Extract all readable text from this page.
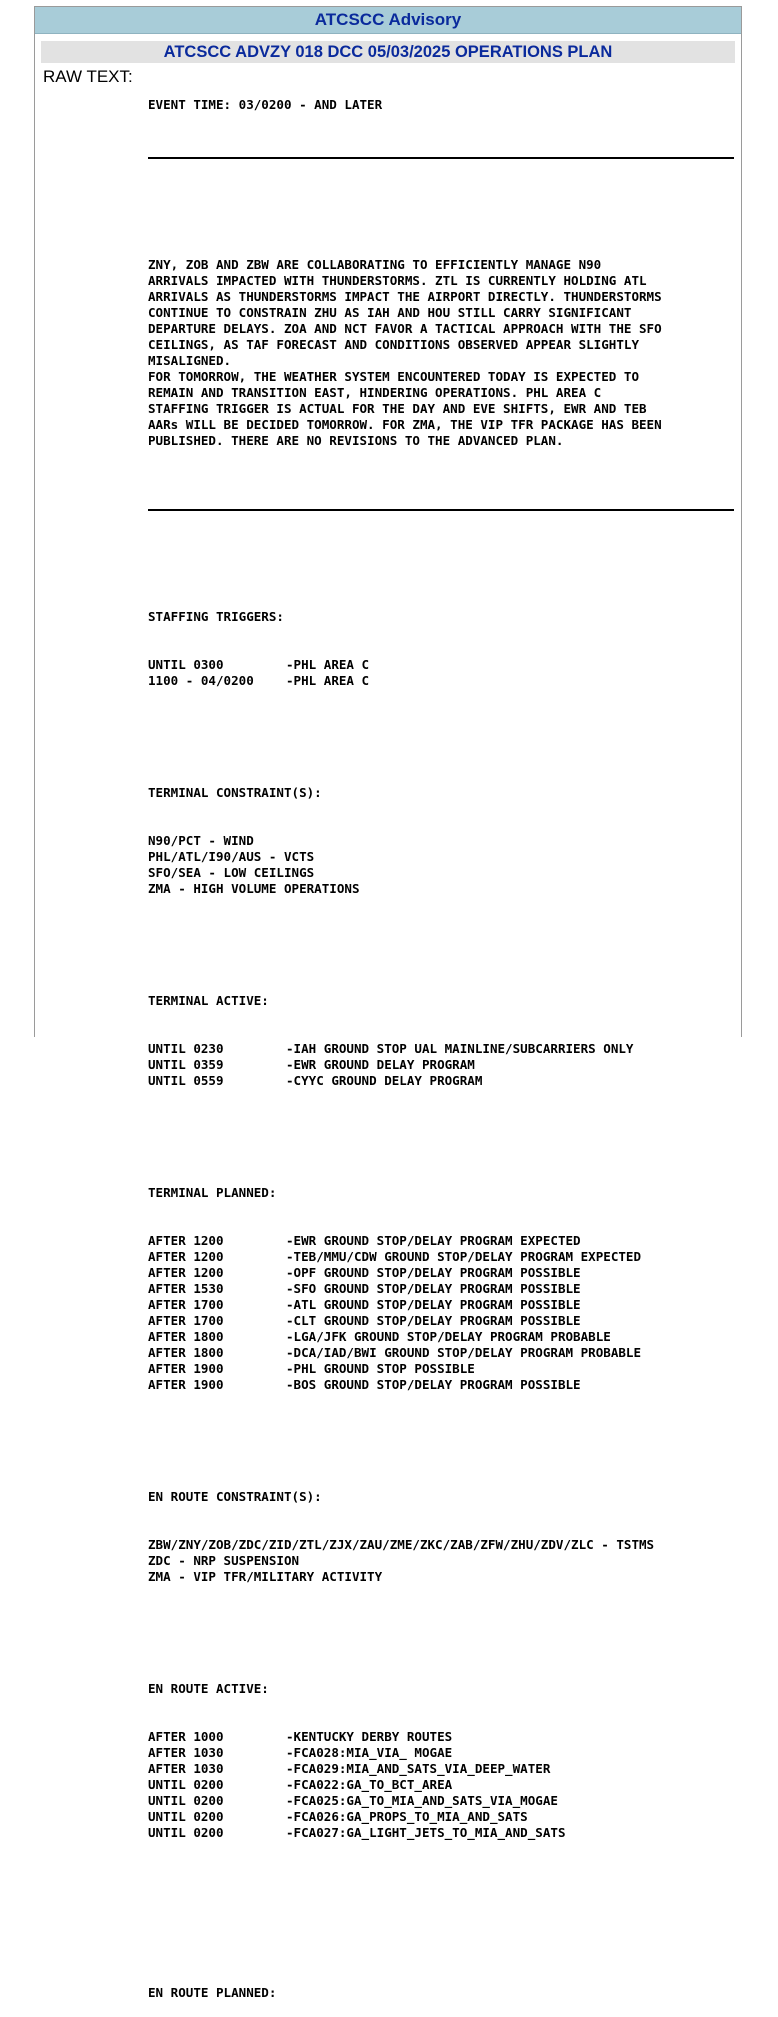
ATCSCC Advisory
ATCSCC ADVZY 018 DCC 05/03/2025 OPERATIONS PLAN
RAW TEXT:

EVENT TIME: 03/0200 - AND LATER

ZNY, ZOB AND ZBW ARE COLLABORATING TO EFFICIENTLY MANAGE N90
ARRIVALS IMPACTED WITH THUNDERSTORMS. ZTL IS CURRENTLY HOLDING ATL
ARRIVALS AS THUNDERSTORMS IMPACT THE AIRPORT DIRECTLY. THUNDERSTORMS
CONTINUE TO CONSTRAIN ZHU AS IAH AND HOU STILL CARRY SIGNIFICANT
DEPARTURE DELAYS. ZOA AND NCT FAVOR A TACTICAL APPROACH WITH THE SFO
CEILINGS, AS TAF FORECAST AND CONDITIONS OBSERVED APPEAR SLIGHTLY
MISALIGNED.
FOR TOMORROW, THE WEATHER SYSTEM ENCOUNTERED TODAY IS EXPECTED TO
REMAIN AND TRANSITION EAST, HINDERING OPERATIONS. PHL AREA C
STAFFING TRIGGER IS ACTUAL FOR THE DAY AND EVE SHIFTS, EWR AND TEB
AARs WILL BE DECIDED TOMORROW. FOR ZMA, THE VIP TFR PACKAGE HAS BEEN
PUBLISHED. THERE ARE NO REVISIONS TO THE ADVANCED PLAN.

STAFFING TRIGGERS:

UNTIL 0300	-PHL AREA C
1100 - 04/0200	-PHL AREA C

TERMINAL CONSTRAINT(S):

N90/PCT - WIND
PHL/ATL/I90/AUS - VCTS
SFO/SEA - LOW CEILINGS
ZMA - HIGH VOLUME OPERATIONS

TERMINAL ACTIVE:

UNTIL 0230	-IAH GROUND STOP UAL MAINLINE/SUBCARRIERS ONLY
UNTIL 0359	-EWR GROUND DELAY PROGRAM
UNTIL 0559	-CYYC GROUND DELAY PROGRAM

TERMINAL PLANNED:

AFTER 1200	-EWR GROUND STOP/DELAY PROGRAM EXPECTED
AFTER 1200	-TEB/MMU/CDW GROUND STOP/DELAY PROGRAM EXPECTED
AFTER 1200	-OPF GROUND STOP/DELAY PROGRAM POSSIBLE
AFTER 1530	-SFO GROUND STOP/DELAY PROGRAM POSSIBLE
AFTER 1700	-ATL GROUND STOP/DELAY PROGRAM POSSIBLE
AFTER 1700	-CLT GROUND STOP/DELAY PROGRAM POSSIBLE
AFTER 1800	-LGA/JFK GROUND STOP/DELAY PROGRAM PROBABLE
AFTER 1800	-DCA/IAD/BWI GROUND STOP/DELAY PROGRAM PROBABLE
AFTER 1900	-PHL GROUND STOP POSSIBLE
AFTER 1900	-BOS GROUND STOP/DELAY PROGRAM POSSIBLE

EN ROUTE CONSTRAINT(S):

ZBW/ZNY/ZOB/ZDC/ZID/ZTL/ZJX/ZAU/ZME/ZKC/ZAB/ZFW/ZHU/ZDV/ZLC - TSTMS
ZDC - NRP SUSPENSION
ZMA - VIP TFR/MILITARY ACTIVITY

EN ROUTE ACTIVE:

AFTER 1000	-KENTUCKY DERBY ROUTES
AFTER 1030	-FCA028:MIA_VIA_ MOGAE
AFTER 1030	-FCA029:MIA_AND_SATS_VIA_DEEP_WATER
UNTIL 0200	-FCA022:GA_TO_BCT_AREA
UNTIL 0200	-FCA025:GA_TO_MIA_AND_SATS_VIA_MOGAE
UNTIL 0200	-FCA026:GA_PROPS_TO_MIA_AND_SATS
UNTIL 0200	-FCA027:GA_LIGHT_JETS_TO_MIA_AND_SATS

EN ROUTE PLANNED:
